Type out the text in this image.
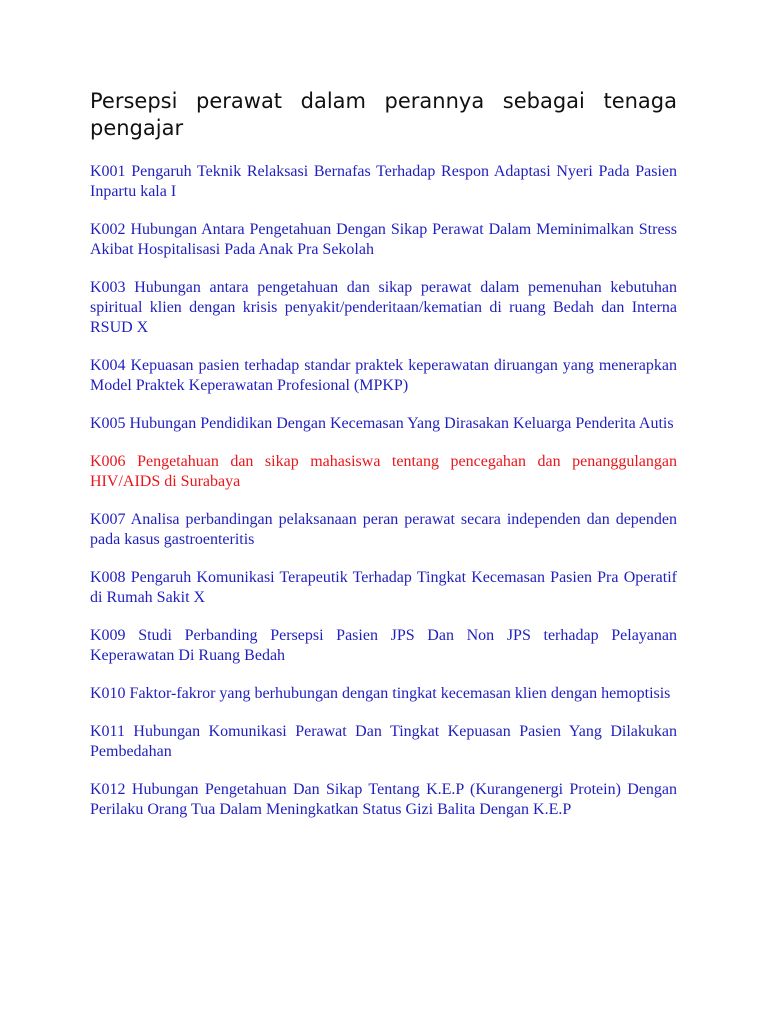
Persepsi perawat dalam perannya sebagai tenaga pengajar
K001 Pengaruh Teknik Relaksasi Bernafas Terhadap Respon Adaptasi Nyeri Pada Pasien Inpartu kala I
K002 Hubungan Antara Pengetahuan Dengan Sikap Perawat Dalam Meminimalkan Stress Akibat Hospitalisasi Pada Anak Pra Sekolah
K003 Hubungan antara pengetahuan dan sikap perawat dalam pemenuhan kebutuhan spiritual klien dengan krisis penyakit/penderitaan/kematian di ruang Bedah dan Interna RSUD X
K004 Kepuasan pasien terhadap standar praktek keperawatan diruangan yang menerapkan Model Praktek Keperawatan Profesional (MPKP)
K005 Hubungan Pendidikan Dengan Kecemasan Yang Dirasakan Keluarga Penderita Autis
K006 Pengetahuan dan sikap mahasiswa tentang pencegahan dan penanggulangan HIV/AIDS di Surabaya
K007 Analisa perbandingan pelaksanaan peran perawat secara independen dan dependen pada kasus gastroenteritis
K008 Pengaruh Komunikasi Terapeutik Terhadap Tingkat Kecemasan Pasien Pra Operatif di Rumah Sakit X
K009 Studi Perbanding Persepsi Pasien JPS Dan Non JPS terhadap Pelayanan Keperawatan Di Ruang Bedah
K010 Faktor-fakror yang berhubungan dengan tingkat kecemasan klien dengan hemoptisis
K011 Hubungan Komunikasi Perawat Dan Tingkat Kepuasan Pasien Yang Dilakukan Pembedahan
K012 Hubungan Pengetahuan Dan Sikap Tentang K.E.P (Kurangenergi Protein) Dengan Perilaku Orang Tua Dalam Meningkatkan Status Gizi Balita Dengan K.E.P
